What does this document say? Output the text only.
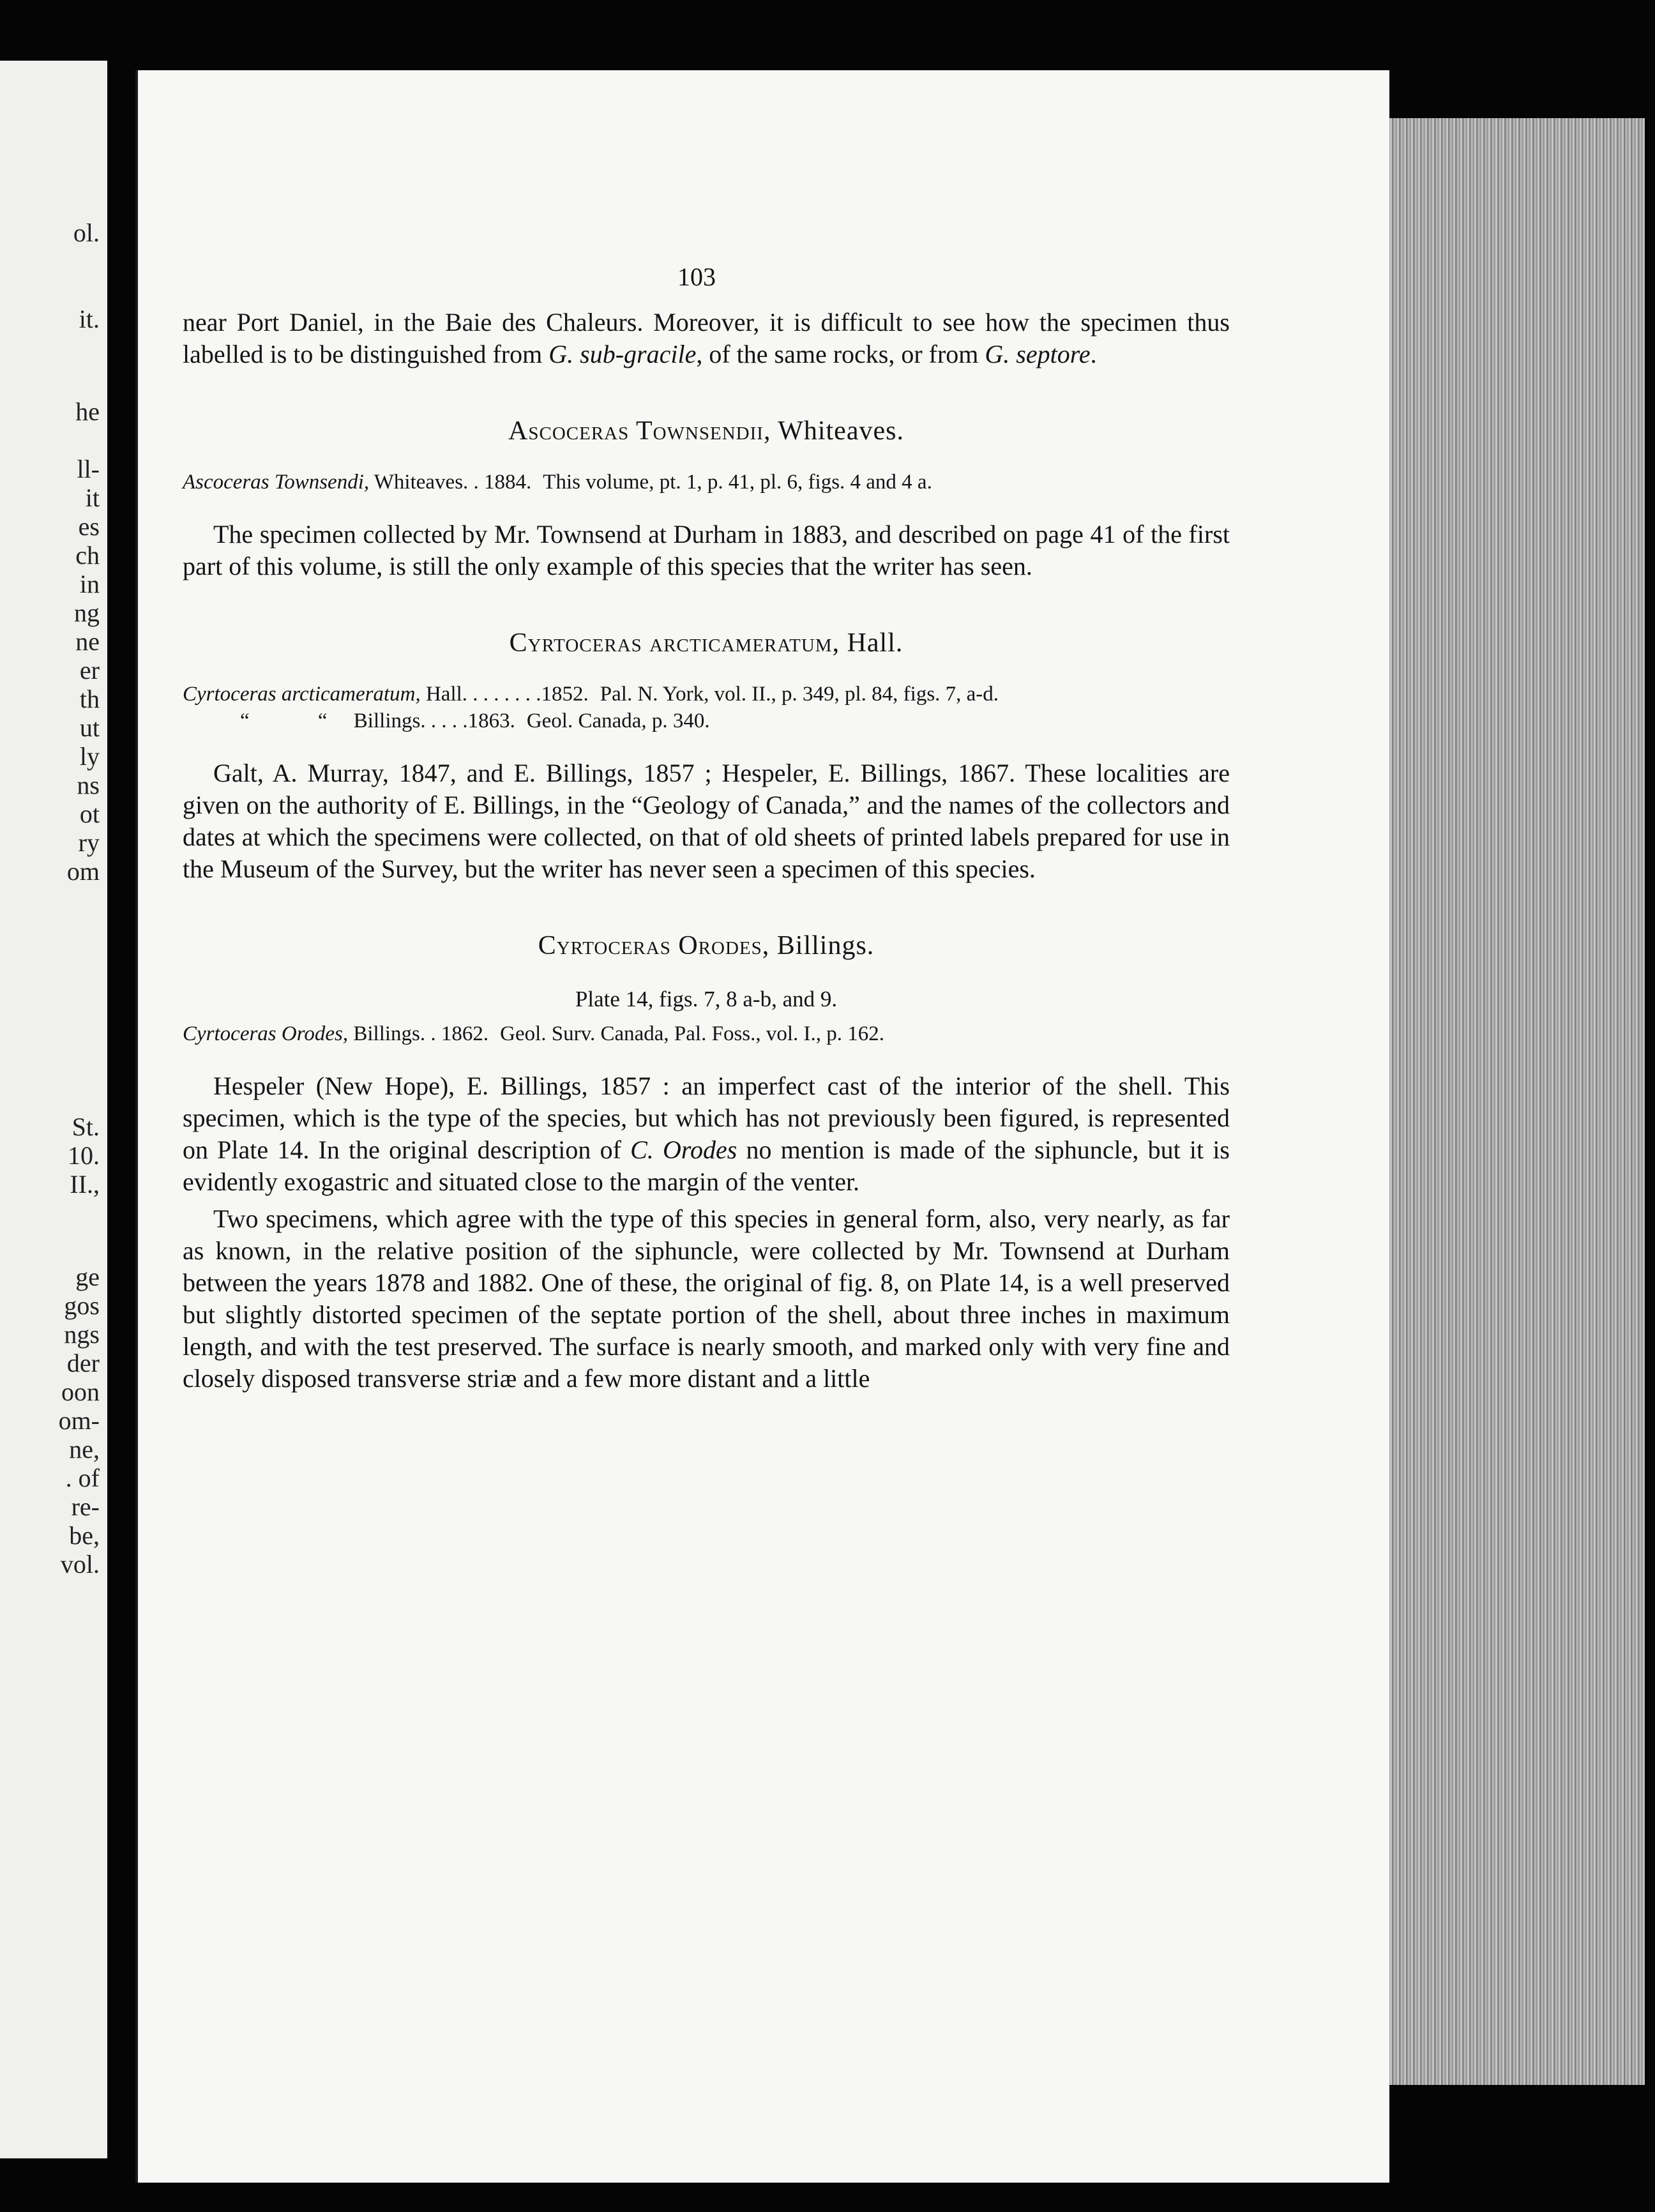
ol.
it.
he
ll-
it
es
ch
in
ng
ne
er
th
ut
ly
ns
ot
ry
om
St.
10.
II.,
ge
gos
ngs
der
oon
om-
ne,
. of
re-
be,
vol.
103

near Port Daniel, in the Baie des Chaleurs. Moreover, it is difficult to see how the specimen thus labelled is to be distinguished from G. sub-gracile, of the same rocks, or from G. septore.

Ascoceras Townsendii, Whiteaves.
Ascoceras Townsendi, Whiteaves. . 1884. This volume, pt. 1, p. 41, pl. 6, figs. 4 and 4 a.

The specimen collected by Mr. Townsend at Durham in 1883, and described on page 41 of the first part of this volume, is still the only example of this species that the writer has seen.

Cyrtoceras arcticameratum, Hall.
Cyrtoceras arcticameratum, Hall. . . . . . . .1852. Pal. N. York, vol. II., p. 349, pl. 84, figs. 7, a-d.
“             “     Billings. . . . .1863. Geol. Canada, p. 340.

Galt, A. Murray, 1847, and E. Billings, 1857 ; Hespeler, E. Billings, 1867. These localities are given on the authority of E. Billings, in the “Geology of Canada,” and the names of the collectors and dates at which the specimens were collected, on that of old sheets of printed labels prepared for use in the Museum of the Survey, but the writer has never seen a specimen of this species.

Cyrtoceras Orodes, Billings.
Plate 14, figs. 7, 8 a-b, and 9.
Cyrtoceras Orodes, Billings. . 1862. Geol. Surv. Canada, Pal. Foss., vol. I., p. 162.

Hespeler (New Hope), E. Billings, 1857 : an imperfect cast of the interior of the shell. This specimen, which is the type of the species, but which has not previously been figured, is represented on Plate 14. In the original description of C. Orodes no mention is made of the siphuncle, but it is evidently exogastric and situated close to the margin of the venter.

Two specimens, which agree with the type of this species in general form, also, very nearly, as far as known, in the relative position of the siphuncle, were collected by Mr. Townsend at Durham between the years 1878 and 1882. One of these, the original of fig. 8, on Plate 14, is a well preserved but slightly distorted specimen of the septate portion of the shell, about three inches in maximum length, and with the test preserved. The surface is nearly smooth, and marked only with very fine and closely disposed transverse striæ and a few more distant and a little
